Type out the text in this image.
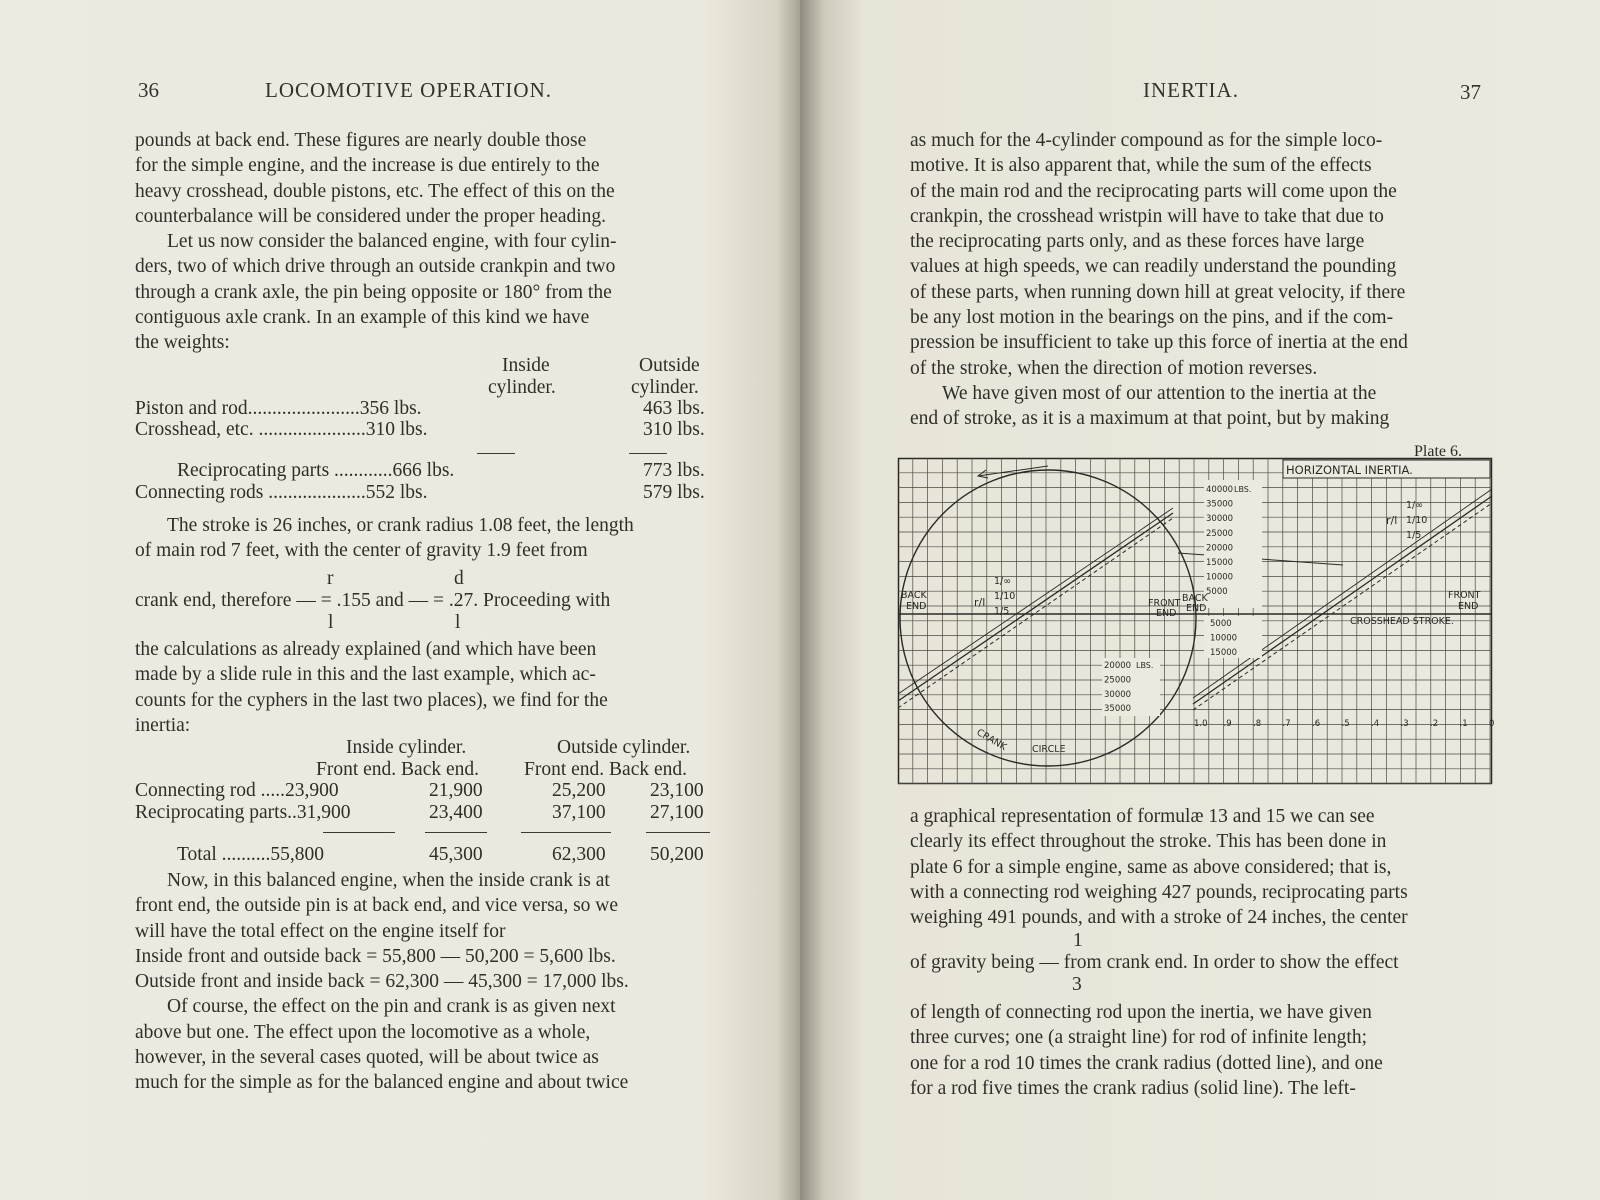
36	LOCOMOTIVE OPERATION.
pounds at back end. These figures are nearly double those
for the simple engine, and the increase is due entirely to the
heavy crosshead, double pistons, etc. The effect of this on the
counterbalance will be considered under the proper heading.
Let us now consider the balanced engine, with four cylin-
ders, two of which drive through an outside crankpin and two
through a crank axle, the pin being opposite or 180° from the
contiguous axle crank. In an example of this kind we have
the weights:
Inside
cylinder.
Outside
cylinder.
Piston and rod.......................356 lbs.	463 lbs.
Crosshead, etc. ......................310 lbs.	310 lbs.
Reciprocating parts ............666 lbs.	773 lbs.
Connecting rods ....................552 lbs.	579 lbs.
The stroke is 26 inches, or crank radius 1.08 feet, the length
of main rod 7 feet, with the center of gravity 1.9 feet from
r	d
crank end, therefore — = .155 and — = .27. Proceeding with
l	l
the calculations as already explained (and which have been
made by a slide rule in this and the last example, which ac-
counts for the cyphers in the last two places), we find for the
inertia:
Inside cylinder.	Outside cylinder.
Front end. Back end. Front end. Back end.
Connecting rod .....23,900	21,900	25,200 23,100
Reciprocating parts..31,900	23,400	37,100 27,100
Total ..........55,800	45,300	62,300 50,200
Now, in this balanced engine, when the inside crank is at
front end, the outside pin is at back end, and vice versa, so we
will have the total effect on the engine itself for
Inside front and outside back = 55,800 — 50,200 = 5,600 lbs.
Outside front and inside back = 62,300 — 45,300 = 17,000 lbs.
Of course, the effect on the pin and crank is as given next
above but one. The effect upon the locomotive as a whole,
however, in the several cases quoted, will be about twice as
much for the simple as for the balanced engine and about twice
INERTIA.	37
as much for the 4-cylinder compound as for the simple loco-
motive. It is also apparent that, while the sum of the effects
of the main rod and the reciprocating parts will come upon the
crankpin, the crosshead wristpin will have to take that due to
the reciprocating parts only, and as these forces have large
values at high speeds, we can readily understand the pounding
of these parts, when running down hill at great velocity, if there
be any lost motion in the bearings on the pins, and if the com-
pression be insufficient to take up this force of inertia at the end
of the stroke, when the direction of motion reverses.
We have given most of our attention to the inertia at the
end of stroke, as it is a maximum at that point, but by making
a graphical representation of formulæ 13 and 15 we can see
clearly its effect throughout the stroke. This has been done in
plate 6 for a simple engine, same as above considered; that is,
with a connecting rod weighing 427 pounds, reciprocating parts
weighing 491 pounds, and with a stroke of 24 inches, the center
1
of gravity being — from crank end. In order to show the effect
3
of length of connecting rod upon the inertia, we have given
three curves; one (a straight line) for rod of infinite length;
one for a rod 10 times the crank radius (dotted line), and one
for a rod five times the crank radius (solid line). The left-
Plate 6.
HORIZONTAL INERTIA.
40000
35000
30000
25000
20000
15000
10000
5000
LBS.
5000
10000
15000
20000
25000
30000
35000
LBS.
1.0 .9	.8	.7	.6	.5	.4	.3	.2	.1	0
BACK
END	FRONT
END
BACK
END
FRONT
END
CROSSHEAD STROKE.
CRANK CIRCLE
r/l
1/∞
1/10
1/5
r/l
1/∞
1/10
1/5
